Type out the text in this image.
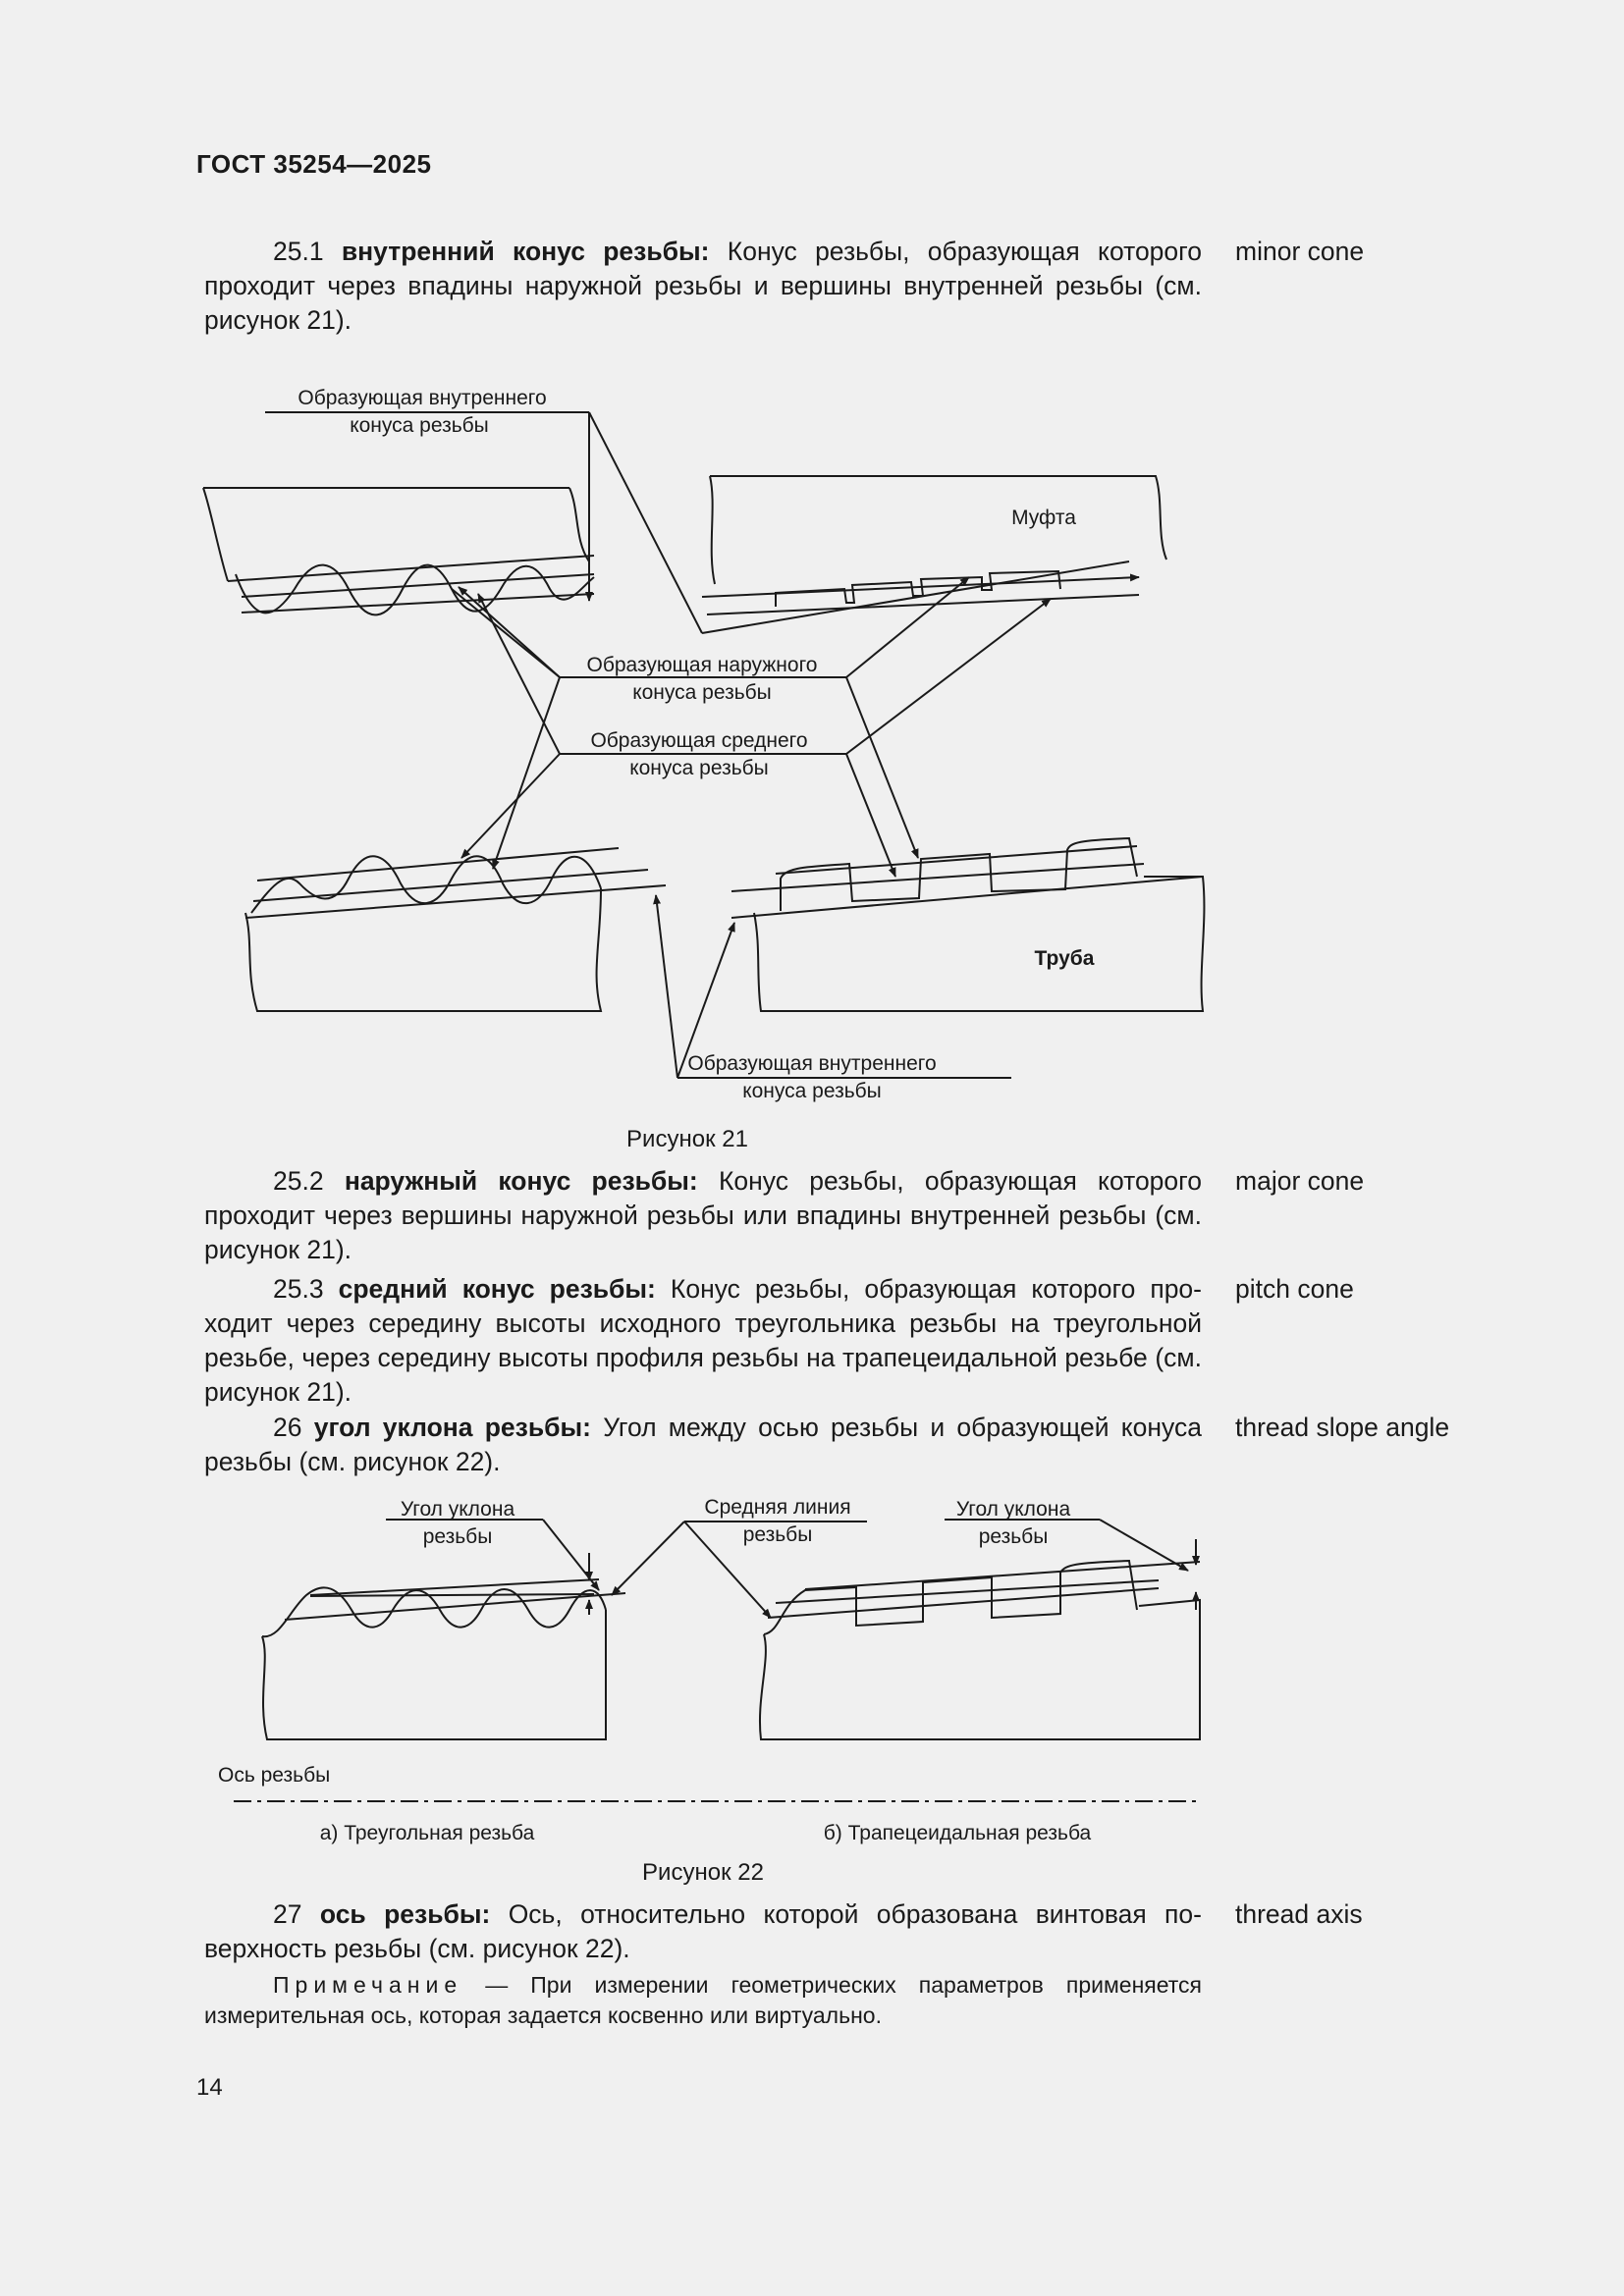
ГОСТ 35254—2025
25.1 внутренний конус резьбы: Конус резьбы, образующая которого проходит через впадины наружной резьбы и вершины внутренней резьбы (см. рисунок 21).
minor cone
Образующая внутреннего
конуса резьбы
Муфта
Образующая наружного
конуса резьбы
Образующая среднего
конуса резьбы
Труба
Образующая внутреннего
конуса резьбы
Рисунок 21
25.2 наружный конус резьбы: Конус резьбы, образующая которого проходит через вершины наружной резьбы или впадины внутренней резьбы (см. рисунок 21).
major cone
25.3 средний конус резьбы: Конус резьбы, образующая которого про-ходит через середину высоты исходного треугольника резьбы на треугольной резьбе, через середину высоты профиля резьбы на трапецеидальной резьбе (см. рисунок 21).
pitch cone
26 угол уклона резьбы: Угол между осью резьбы и образующей конуса резьбы (см. рисунок 22).
thread slope angle
Угол уклона
резьбы
Средняя линия
резьбы
Угол уклона
резьбы
Ось резьбы
а) Треугольная резьба	б) Трапецеидальная резьба
Рисунок 22
27 ось резьбы: Ось, относительно которой образована винтовая по-верхность резьбы (см. рисунок 22).
thread axis
Примечание — При измерении геометрических параметров применяется измерительная ось, которая задается косвенно или виртуально.
14
